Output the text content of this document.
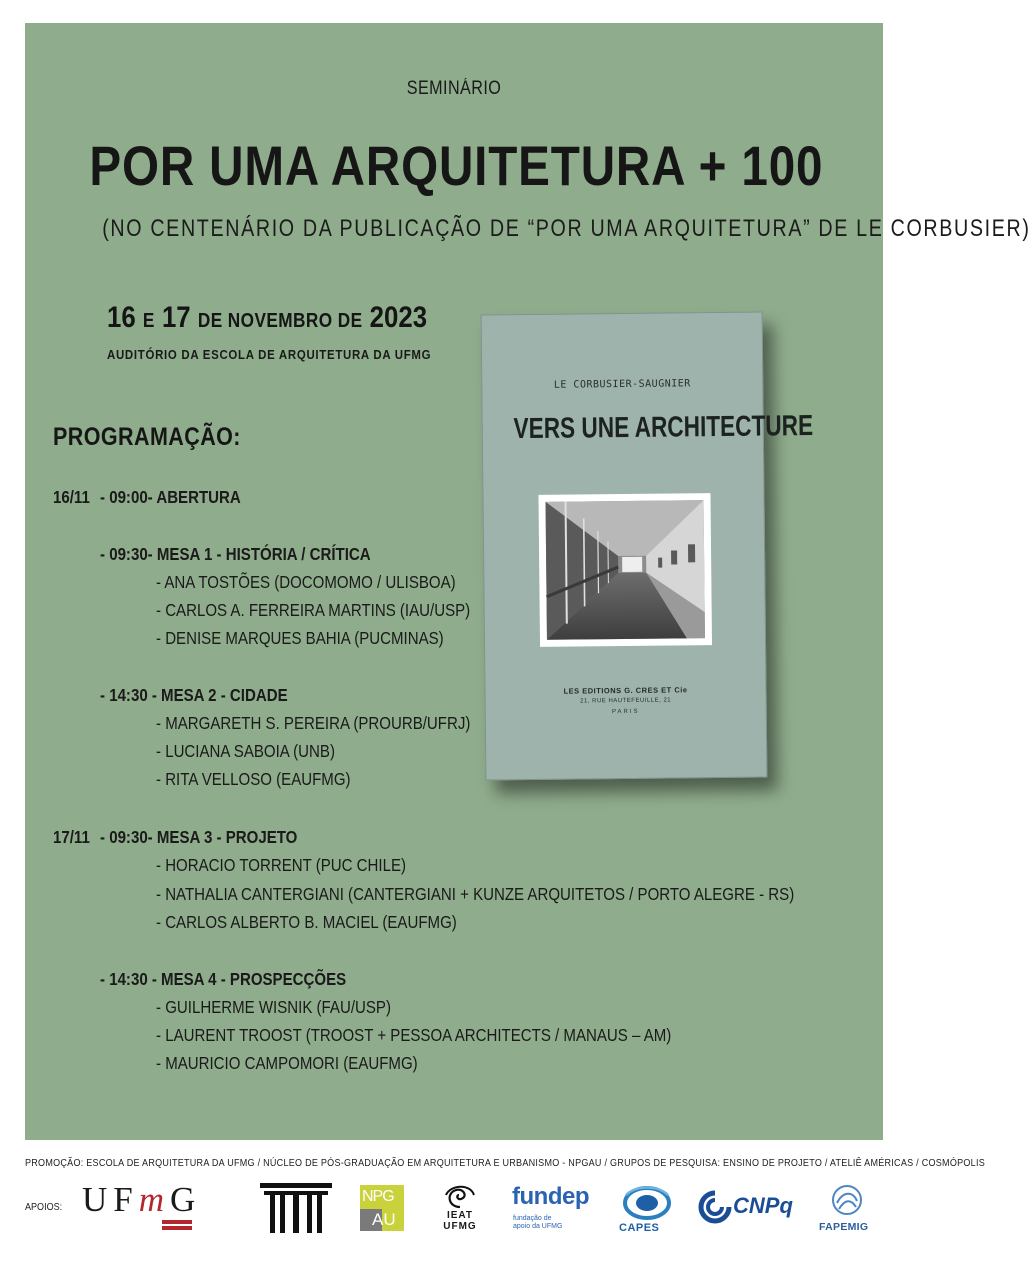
SEMINÁRIO
POR UMA ARQUITETURA + 100
(NO CENTENÁRIO DA PUBLICAÇÃO DE “POR UMA ARQUITETURA” DE LE CORBUSIER)
16 E 17 DE NOVEMBRO DE 2023
AUDITÓRIO DA ESCOLA DE ARQUITETURA DA UFMG
PROGRAMAÇÃO:
16/11 - 09:00- ABERTURA
- 09:30- MESA 1 - HISTÓRIA / CRÍTICA
- ANA TOSTÕES (DOCOMOMO / ULISBOA)
- CARLOS A. FERREIRA MARTINS (IAU/USP)
- DENISE MARQUES BAHIA (PUCMINAS)
- 14:30 - MESA 2 - CIDADE
- MARGARETH S. PEREIRA (PROURB/UFRJ)
- LUCIANA SABOIA (UNB)
- RITA VELLOSO (EAUFMG)
17/11 - 09:30- MESA 3 - PROJETO
- HORACIO TORRENT (PUC CHILE)
- NATHALIA CANTERGIANI (CANTERGIANI + KUNZE ARQUITETOS / PORTO ALEGRE - RS)
- CARLOS ALBERTO B. MACIEL (EAUFMG)
- 14:30 - MESA 4 - PROSPECÇÕES
- GUILHERME WISNIK (FAU/USP)
- LAURENT TROOST (TROOST + PESSOA ARCHITECTS / MANAUS – AM)
- MAURICIO CAMPOMORI (EAUFMG)
LE CORBUSIER-SAUGNIER
VERS UNE ARCHITECTURE
LES EDITIONS G. CRES ET Cie
21, RUE HAUTEFEUILLE, 21
PARIS
PROMOÇÃO: ESCOLA DE ARQUITETURA DA UFMG / NÚCLEO DE PÓS-GRADUAÇÃO EM ARQUITETURA E URBANISMO - NPGAU / GRUPOS DE PESQUISA: ENSINO DE PROJETO / ATELIÊ AMÉRICAS / COSMÓPOLIS
APOIOS: UFmG	NPG
AU	IEAT
UFMG
fundep
fundação de
apoio da UFMG	CAPES
CNPq
FAPEMIG
